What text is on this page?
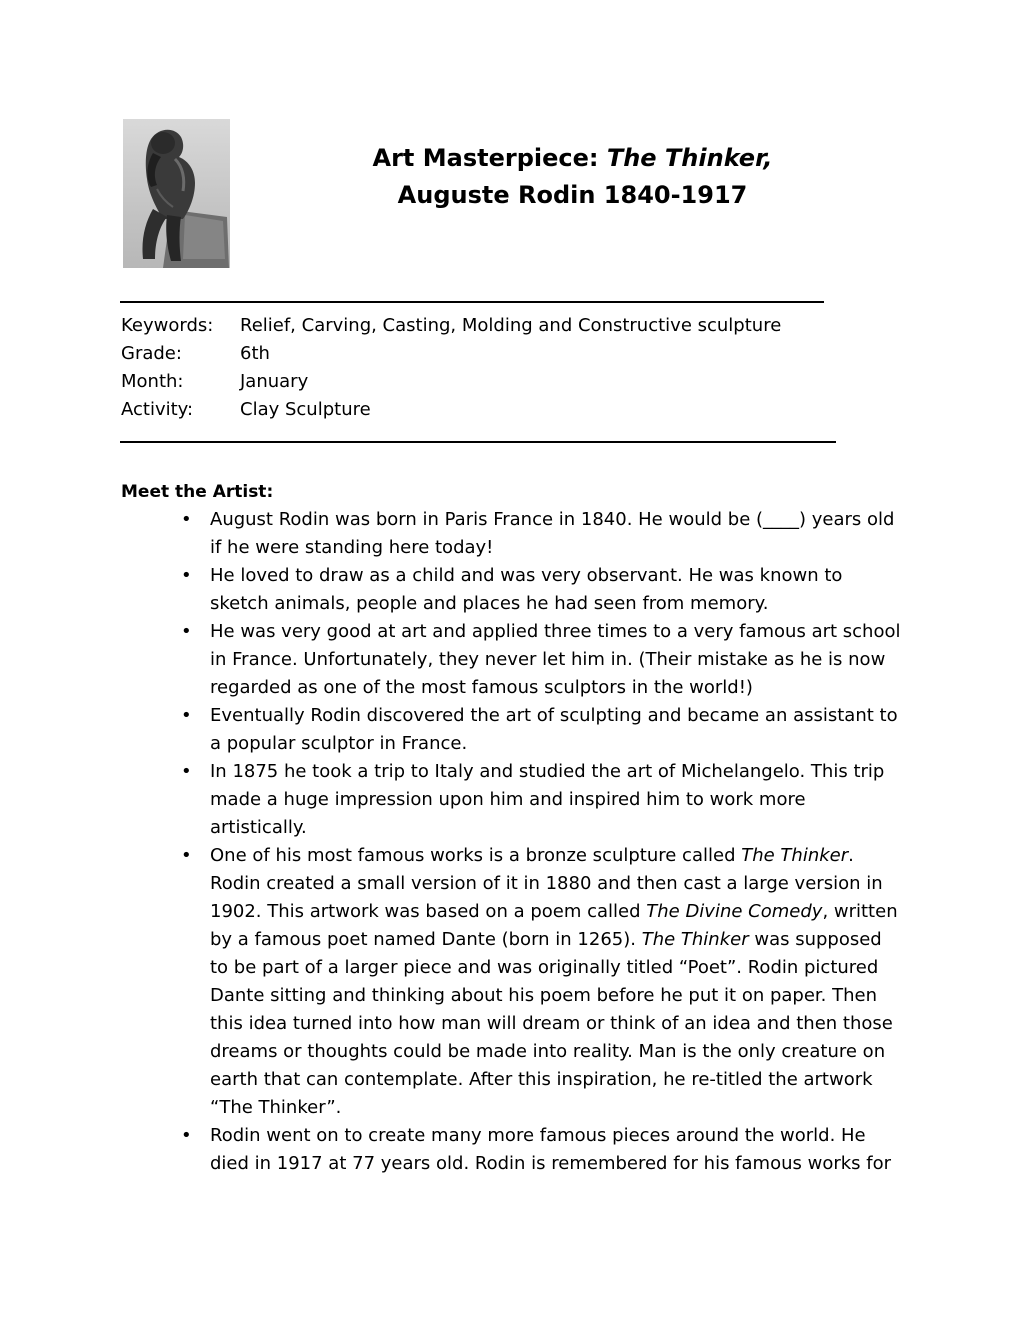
Art Masterpiece: The Thinker,
Auguste Rodin 1840-1917
Keywords:	Relief, Carving, Casting, Molding and Constructive sculpture
Grade:	6th
Month:	January
Activity:	Clay Sculpture
Meet the Artist:
• August Rodin was born in Paris France in 1840. He would be (____) years old if he were standing here today!
• He loved to draw as a child and was very observant. He was known to sketch animals, people and places he had seen from memory.
• He was very good at art and applied three times to a very famous art school in France. Unfortunately, they never let him in. (Their mistake as he is now regarded as one of the most famous sculptors in the world!)
• Eventually Rodin discovered the art of sculpting and became an assistant to a popular sculptor in France.
• In 1875 he took a trip to Italy and studied the art of Michelangelo. This trip made a huge impression upon him and inspired him to work more artistically.
• One of his most famous works is a bronze sculpture called The Thinker. Rodin created a small version of it in 1880 and then cast a large version in 1902. This artwork was based on a poem called The Divine Comedy, written by a famous poet named Dante (born in 1265). The Thinker was supposed to be part of a larger piece and was originally titled “Poet”. Rodin pictured Dante sitting and thinking about his poem before he put it on paper. Then this idea turned into how man will dream or think of an idea and then those dreams or thoughts could be made into reality. Man is the only creature on earth that can contemplate. After this inspiration, he re-titled the artwork “The Thinker”.
• Rodin went on to create many more famous pieces around the world. He died in 1917 at 77 years old. Rodin is remembered for his famous works for
